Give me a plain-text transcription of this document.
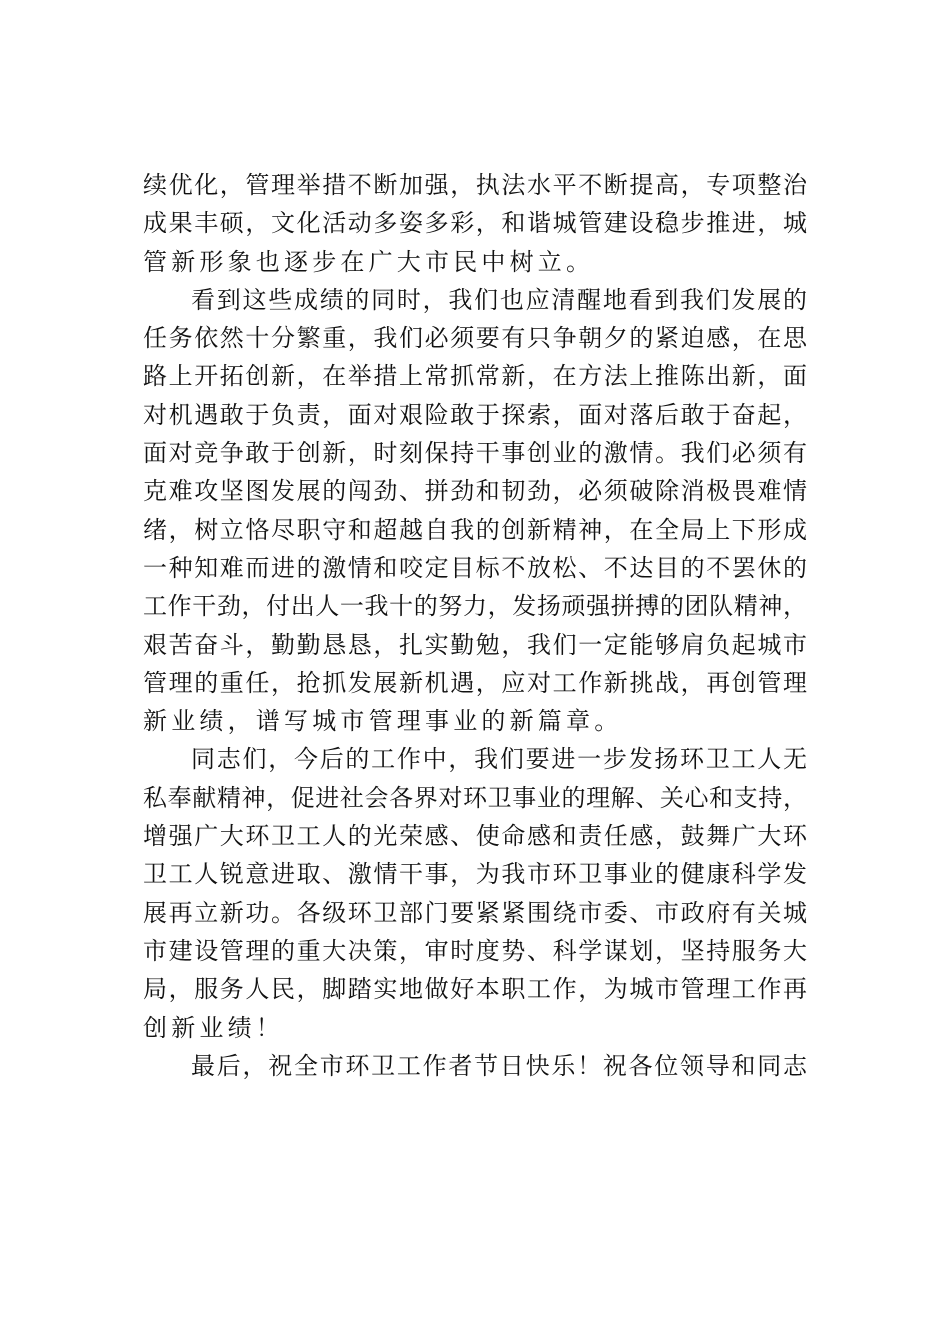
续优化，管理举措不断加强，执法水平不断提高，专项整治
成果丰硕，文化活动多姿多彩，和谐城管建设稳步推进，城
管新形象也逐步在广大市民中树立。
看到这些成绩的同时，我们也应清醒地看到我们发展的
任务依然十分繁重，我们必须要有只争朝夕的紧迫感，在思
路上开拓创新，在举措上常抓常新，在方法上推陈出新，面
对机遇敢于负责，面对艰险敢于探索，面对落后敢于奋起，
面对竞争敢于创新，时刻保持干事创业的激情。我们必须有
克难攻坚图发展的闯劲、拼劲和韧劲，必须破除消极畏难情
绪，树立恪尽职守和超越自我的创新精神，在全局上下形成
一种知难而进的激情和咬定目标不放松、不达目的不罢休的
工作干劲，付出人一我十的努力，发扬顽强拼搏的团队精神，
艰苦奋斗，勤勤恳恳，扎实勤勉，我们一定能够肩负起城市
管理的重任，抢抓发展新机遇，应对工作新挑战，再创管理
新业绩，谱写城市管理事业的新篇章。
同志们，今后的工作中，我们要进一步发扬环卫工人无
私奉献精神，促进社会各界对环卫事业的理解、关心和支持，
增强广大环卫工人的光荣感、使命感和责任感，鼓舞广大环
卫工人锐意进取、激情干事，为我市环卫事业的健康科学发
展再立新功。各级环卫部门要紧紧围绕市委、市政府有关城
市建设管理的重大决策，审时度势、科学谋划，坚持服务大
局，服务人民，脚踏实地做好本职工作，为城市管理工作再
创新业绩！
最后，祝全市环卫工作者节日快乐！祝各位领导和同志
